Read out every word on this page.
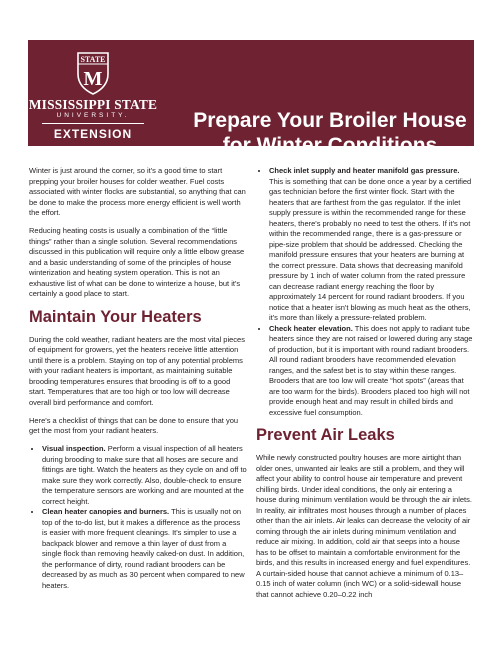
STATE
M
MISSISSIPPI STATE
UNIVERSITY.
EXTENSION
Prepare Your Broiler House
for Winter Conditions

Winter is just around the corner, so it's a good time to start prepping your broiler houses for colder weather. Fuel costs associated with winter flocks are substantial, so anything that can be done to make the process more energy efficient is well worth the effort.

Reducing heating costs is usually a combination of the “little things” rather than a single solution. Several recommendations discussed in this publication will require only a little elbow grease and a basic understanding of some of the principles of house winterization and heating system operation. This is not an exhaustive list of what can be done to winterize a house, but it's certainly a good place to start.

Maintain Your Heaters

During the cold weather, radiant heaters are the most vital pieces of equipment for growers, yet the heaters receive little attention until there is a problem. Staying on top of any potential problems with your radiant heaters is important, as maintaining suitable brooding temperatures ensures that brooding is off to a good start. Temperatures that are too high or too low will decrease overall bird performance and comfort.

Here's a checklist of things that can be done to ensure that you get the most from your radiant heaters.

• Visual inspection. Perform a visual inspection of all heaters during brooding to make sure that all hoses are secure and fittings are tight. Watch the heaters as they cycle on and off to make sure they work correctly. Also, double-check to ensure the temperature sensors are working and are mounted at the correct height.
• Clean heater canopies and burners. This is usually not on top of the to-do list, but it makes a difference as the process is easier with more frequent cleanings. It's simpler to use a backpack blower and remove a thin layer of dust from a single flock than removing heavily caked-on dust. In addition, the performance of dirty, round radiant brooders can be decreased by as much as 30 percent when compared to new heaters.
• Check inlet supply and heater manifold gas pressure. This is something that can be done once a year by a certified gas technician before the first winter flock. Start with the heaters that are farthest from the gas regulator. If the inlet supply pressure is within the recommended range for these heaters, there's probably no need to test the others. If it's not within the recommended range, there is a gas-pressure or pipe-size problem that should be addressed. Checking the manifold pressure ensures that your heaters are burning at the correct pressure. Data shows that decreasing manifold pressure by 1 inch of water column from the rated pressure can decrease radiant energy reaching the floor by approximately 14 percent for round radiant brooders. If you notice that a heater isn't blowing as much heat as the others, it's more than likely a pressure-related problem.
• Check heater elevation. This does not apply to radiant tube heaters since they are not raised or lowered during any stage of production, but it is important with round radiant brooders. All round radiant brooders have recommended elevation ranges, and the safest bet is to stay within these ranges. Brooders that are too low will create “hot spots” (areas that are too warm for the birds). Brooders placed too high will not provide enough heat and may result in chilled birds and excessive fuel consumption.
Prevent Air Leaks

While newly constructed poultry houses are more airtight than older ones, unwanted air leaks are still a problem, and they will affect your ability to control house air temperature and prevent chilling birds. Under ideal conditions, the only air entering a house during minimum ventilation would be through the air inlets. In reality, air infiltrates most houses through a number of places other than the air inlets. Air leaks can decrease the velocity of air coming through the air inlets during minimum ventilation and reduce air mixing. In addition, cold air that seeps into a house has to be offset to maintain a comfortable environment for the birds, and this results in increased energy and fuel expenditures. A curtain-sided house that cannot achieve a minimum of 0.13–0.15 inch of water column (inch WC) or a solid-sidewall house that cannot achieve 0.20–0.22 inch
